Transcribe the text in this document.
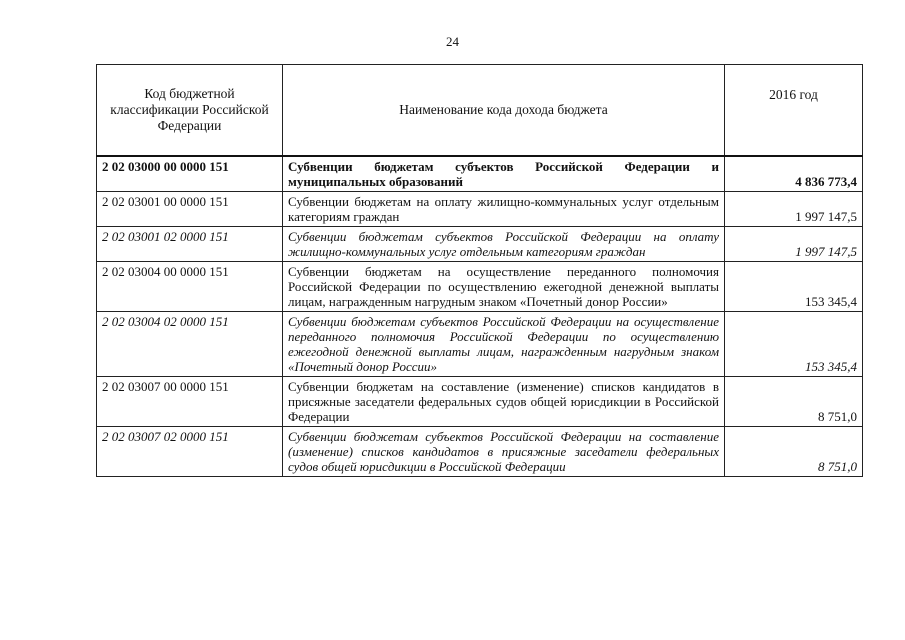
24
Код бюджетной классификации Российской Федерации	Наименование кода дохода бюджета	2016 год
2 02 03000 00 0000 151	Субвенции бюджетам субъектов Российской Федерации и муниципальных образований	4 836 773,4
2 02 03001 00 0000 151	Субвенции бюджетам на оплату жилищно-коммунальных услуг отдельным категориям граждан	1 997 147,5
2 02 03001 02 0000 151	Субвенции бюджетам субъектов Российской Федерации на оплату жилищно-коммунальных услуг отдельным категориям граждан	1 997 147,5
2 02 03004 00 0000 151	Субвенции бюджетам на осуществление переданного полномочия Российской Федерации по осуществлению ежегодной денежной выплаты лицам, награжденным нагрудным знаком «Почетный донор России»	153 345,4
2 02 03004 02 0000 151	Субвенции бюджетам субъектов Российской Федерации на осуществление переданного полномочия Российской Федерации по осуществлению ежегодной денежной выплаты лицам, награжденным нагрудным знаком «Почетный донор России»	153 345,4
2 02 03007 00 0000 151	Субвенции бюджетам на составление (изменение) списков кандидатов в присяжные заседатели федеральных судов общей юрисдикции в Российской Федерации	8 751,0
2 02 03007 02 0000 151	Субвенции бюджетам субъектов Российской Федерации на составление (изменение) списков кандидатов в присяжные заседатели федеральных судов общей юрисдикции в Российской Федерации	8 751,0
